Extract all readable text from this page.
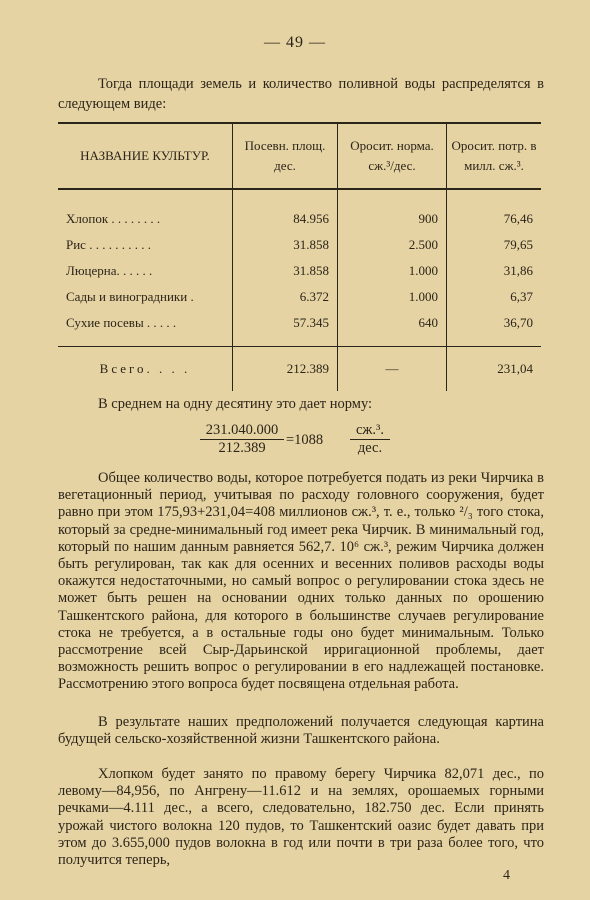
— 49 —
Тогда площади земель и количество поливной воды распределятся в следующем виде:
НАЗВАНИЕ КУЛЬТУР.	Посевн. площ. дес.	Оросит. норма. сж.³/дес.	Оросит. потр. в милл. сж.³.

Хлопок . . . . . . . .	84.956	900	76,46
Рис . . . . . . . . . .	31.858	2.500	79,65
Люцерна. . . . . .	31.858	1.000	31,86
Сады и виноградники .	6.372	1.000	6,37
Сухие посевы . . . . .	57.345	640	36,70

Всего. . . .	212.389	—	231,04
В среднем на одну десятину это дает норму:
$\frac{231.040.000}{212.389} =1088$
сж.³.
дес.
Общее количество воды, которое потребуется подать из реки Чирчика в вегетационный период, учитывая по расходу головного сооружения, будет равно при этом 175,93+231,04=408 миллионов сж.³, т. е., только ²/₃ того стока, который за средне-минимальный год имеет река Чирчик. В минимальный год, который по нашим данным равняется 562,7. 10⁶ сж.³, режим Чирчика должен быть регулирован, так как для осенних и весенних поливов расходы воды окажутся недостаточными, но самый вопрос о регулировании стока здесь не может быть решен на основании одних только данных по орошению Ташкентского района, для которого в большинстве случаев регулирование стока не требуется, а в остальные годы оно будет минимальным. Только рассмотрение всей Сыр-Дарьинской ирригационной проблемы, дает возможность решить вопрос о регулировании в его надлежащей постановке. Рассмотрению этого вопроса будет посвящена отдельная работа.
В результате наших предположений получается следующая картина будущей сельско-хозяйственной жизни Ташкентского района.
Хлопком будет занято по правому берегу Чирчика 82,071 дес., по левому—84,956, по Ангрену—11.612 и на землях, орошаемых горными речками—4.111 дес., а всего, следовательно, 182.750 дес. Если принять урожай чистого волокна 120 пудов, то Ташкентский оазис будет давать при этом до 3.655,000 пудов волокна в год или почти в три раза более того, что получится теперь,
4
